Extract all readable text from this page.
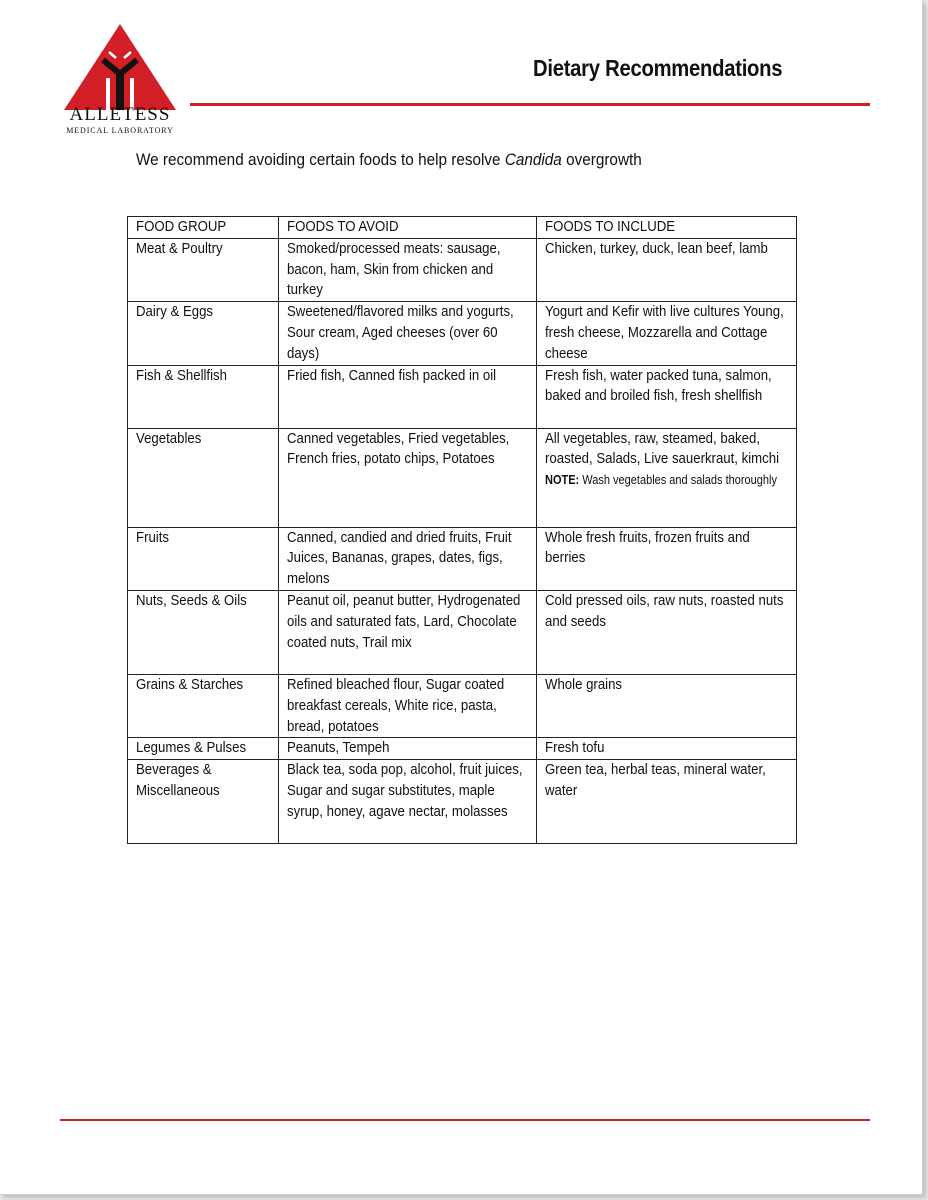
ALLETESS
MEDICAL LABORATORY
Dietary Recommendations

We recommend avoiding certain foods to help resolve Candida overgrowth

FOOD GROUP	FOODS TO AVOID	FOODS TO INCLUDE

Meat & Poultry	Smoked/processed meats: sausage, bacon, ham, Skin from chicken and turkey	Chicken, turkey, duck, lean beef, lamb

Dairy & Eggs	Sweetened/flavored milks and yogurts, Sour cream, Aged cheeses (over 60 days)	Yogurt and Kefir with live cultures Young, fresh cheese, Mozzarella and Cottage cheese

Fish & Shellfish	Fried fish, Canned fish packed in oil	Fresh fish, water packed tuna, salmon, baked and broiled fish, fresh shellfish

Vegetables	Canned vegetables, Fried vegetables, French fries, potato chips, Potatoes	All vegetables, raw, steamed, baked, roasted, Salads, Live sauerkraut, kimchi
NOTE: Wash vegetables and salads thoroughly

Fruits	Canned, candied and dried fruits, Fruit Juices, Bananas, grapes, dates, figs, melons	Whole fresh fruits, frozen fruits and berries

Nuts, Seeds & Oils	Peanut oil, peanut butter, Hydrogenated oils and saturated fats, Lard, Chocolate coated nuts, Trail mix	Cold pressed oils, raw nuts, roasted nuts and seeds

Grains & Starches	Refined bleached flour, Sugar coated breakfast cereals, White rice, pasta, bread, potatoes	Whole grains

Legumes & Pulses	Peanuts, Tempeh	Fresh tofu

Beverages & Miscellaneous	Black tea, soda pop, alcohol, fruit juices, Sugar and sugar substitutes, maple syrup, honey, agave nectar, molasses	Green tea, herbal teas, mineral water, water
